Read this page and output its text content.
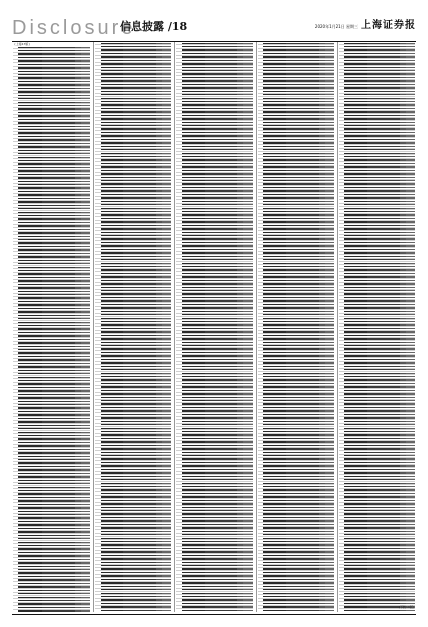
Disclosure
信息披露 /18	2020年1月21日 星期三 上海证券报
(上接17版)
(下转19版)
